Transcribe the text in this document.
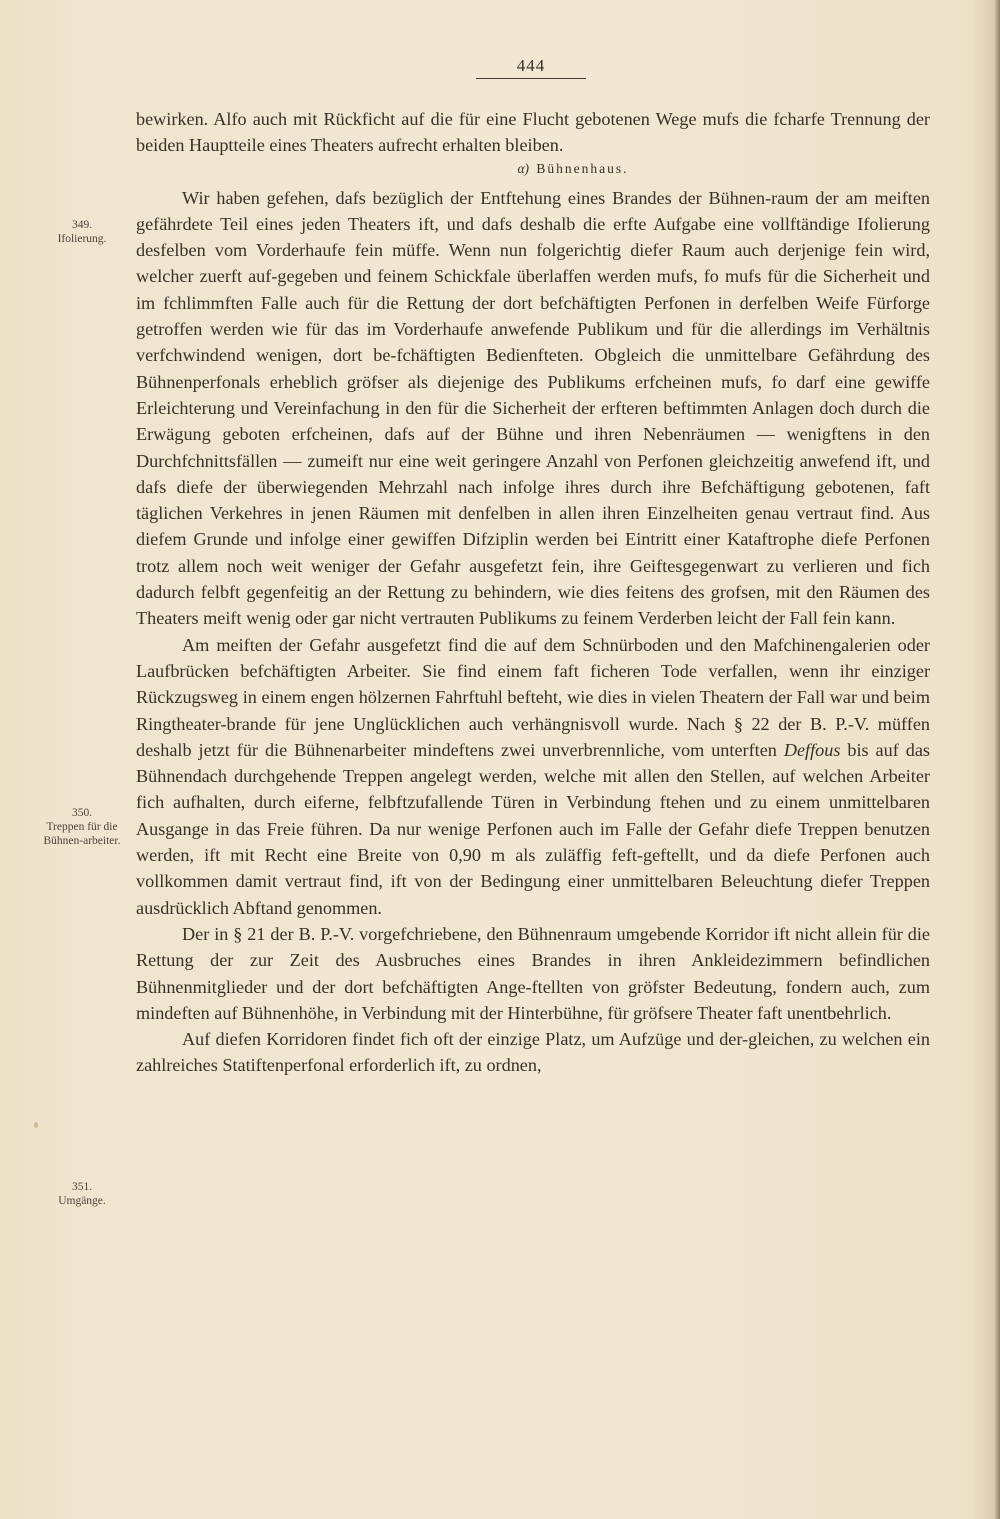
444
349.
Ifolierung.
350.
Treppen für die Bühnen-arbeiter.
351.
Umgänge.

bewirken. Alfo auch mit Rückficht auf die für eine Flucht gebotenen Wege mufs die fcharfe Trennung der beiden Hauptteile eines Theaters aufrecht erhalten bleiben.

α) Bühnenhaus.

Wir haben gefehen, dafs bezüglich der Entftehung eines Brandes der Bühnen-raum der am meiften gefährdete Teil eines jeden Theaters ift, und dafs deshalb die erfte Aufgabe eine vollftändige Ifolierung desfelben vom Vorderhaufe fein müffe. Wenn nun folgerichtig diefer Raum auch derjenige fein wird, welcher zuerft auf-gegeben und feinem Schickfale überlaffen werden mufs, fo mufs für die Sicherheit und im fchlimmften Falle auch für die Rettung der dort befchäftigten Perfonen in derfelben Weife Fürforge getroffen werden wie für das im Vorderhaufe anwefende Publikum und für die allerdings im Verhältnis verfchwindend wenigen, dort be-fchäftigten Bedienfteten. Obgleich die unmittelbare Gefährdung des Bühnenperfonals erheblich gröfser als diejenige des Publikums erfcheinen mufs, fo darf eine gewiffe Erleichterung und Vereinfachung in den für die Sicherheit der erfteren beftimmten Anlagen doch durch die Erwägung geboten erfcheinen, dafs auf der Bühne und ihren Nebenräumen — wenigftens in den Durchfchnittsfällen — zumeift nur eine weit geringere Anzahl von Perfonen gleichzeitig anwefend ift, und dafs diefe der überwiegenden Mehrzahl nach infolge ihres durch ihre Befchäftigung gebotenen, faft täglichen Verkehres in jenen Räumen mit denfelben in allen ihren Einzelheiten genau vertraut find. Aus diefem Grunde und infolge einer gewiffen Difziplin werden bei Eintritt einer Kataftrophe diefe Perfonen trotz allem noch weit weniger der Gefahr ausgefetzt fein, ihre Geiftesgegenwart zu verlieren und fich dadurch felbft gegenfeitig an der Rettung zu behindern, wie dies feitens des grofsen, mit den Räumen des Theaters meift wenig oder gar nicht vertrauten Publikums zu feinem Verderben leicht der Fall fein kann.

Am meiften der Gefahr ausgefetzt find die auf dem Schnürboden und den Mafchinengalerien oder Laufbrücken befchäftigten Arbeiter. Sie find einem faft ficheren Tode verfallen, wenn ihr einziger Rückzugsweg in einem engen hölzernen Fahrftuhl befteht, wie dies in vielen Theatern der Fall war und beim Ringtheater-brande für jene Unglücklichen auch verhängnisvoll wurde. Nach § 22 der B. P.-V. müffen deshalb jetzt für die Bühnenarbeiter mindeftens zwei unverbrennliche, vom unterften Deffous bis auf das Bühnendach durchgehende Treppen angelegt werden, welche mit allen den Stellen, auf welchen Arbeiter fich aufhalten, durch eiferne, felbftzufallende Türen in Verbindung ftehen und zu einem unmittelbaren Ausgange in das Freie führen. Da nur wenige Perfonen auch im Falle der Gefahr diefe Treppen benutzen werden, ift mit Recht eine Breite von 0,90 m als zuläffig feft-geftellt, und da diefe Perfonen auch vollkommen damit vertraut find, ift von der Bedingung einer unmittelbaren Beleuchtung diefer Treppen ausdrücklich Abftand genommen.

Der in § 21 der B. P.-V. vorgefchriebene, den Bühnenraum umgebende Korridor ift nicht allein für die Rettung der zur Zeit des Ausbruches eines Brandes in ihren Ankleidezimmern befindlichen Bühnenmitglieder und der dort befchäftigten Ange-ftellten von gröfster Bedeutung, fondern auch, zum mindeften auf Bühnenhöhe, in Verbindung mit der Hinterbühne, für gröfsere Theater faft unentbehrlich.

Auf diefen Korridoren findet fich oft der einzige Platz, um Aufzüge und der-gleichen, zu welchen ein zahlreiches Statiftenperfonal erforderlich ift, zu ordnen,
